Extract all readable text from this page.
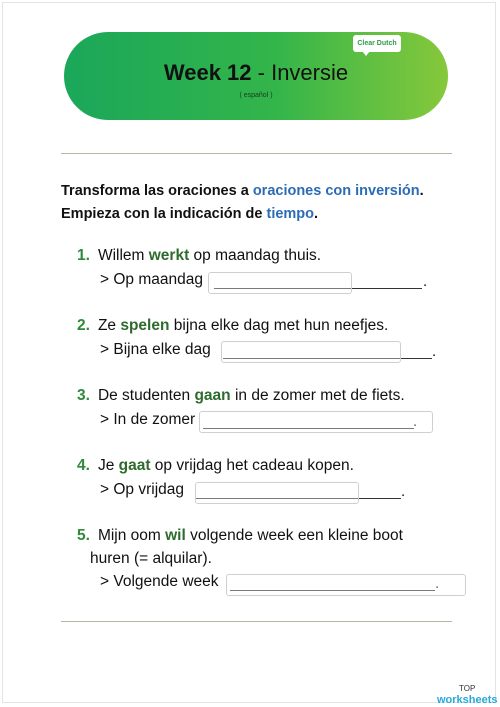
Week 12 - Inversie
( español )
Clear Dutch
Transforma las oraciones a oraciones con inversión.
Empieza con la indicación de tiempo.
1. Willem werkt op maandag thuis.
> Op maandag	.
2. Ze spelen bijna elke dag met hun neefjes.
> Bijna elke dag	.
3. De studenten gaan in de zomer met de fiets.
> In de zomer	.
4. Je gaat op vrijdag het cadeau kopen.
> Op vrijdag	.
5. Mijn oom wil volgende week een kleine boot
huren (= alquilar).
> Volgende week	.
TOP
worksheets
